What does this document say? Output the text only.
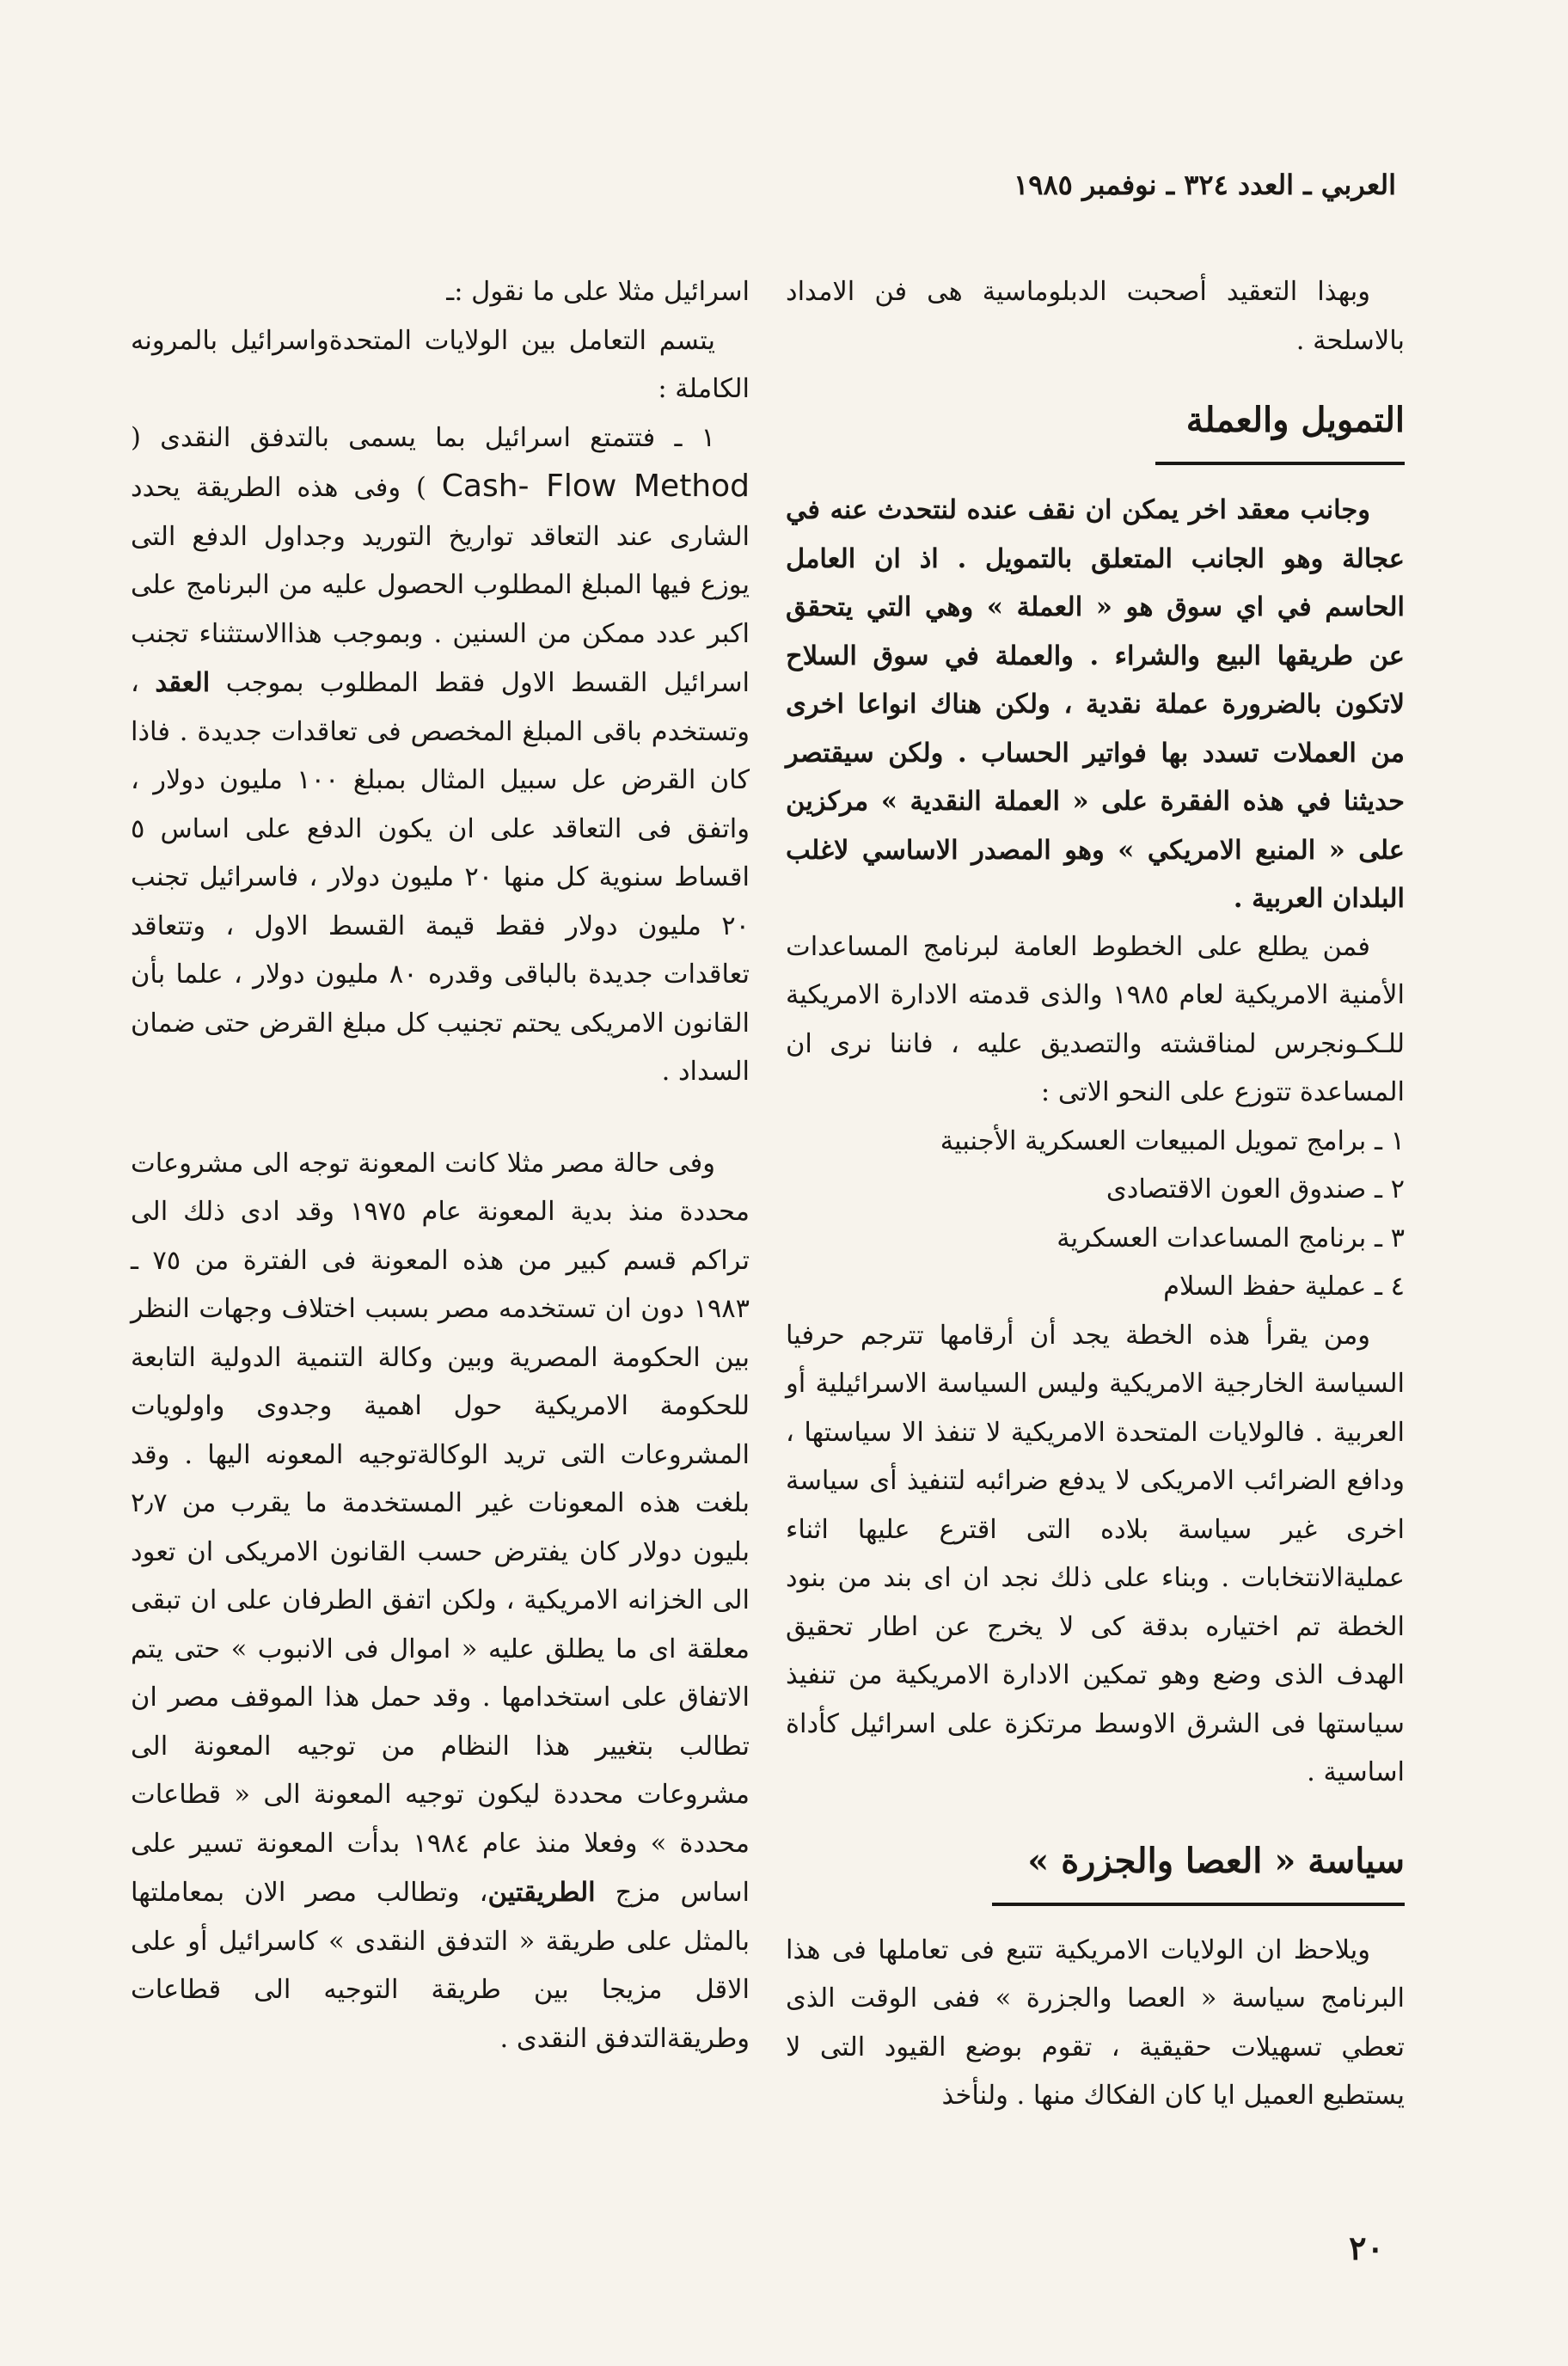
العربي ـ العدد ٣٢٤ ـ نوفمبر ١٩٨٥

وبهذا التعقيد أصحبت الدبلوماسية هى فن الامداد بالاسلحة .

التمويل والعملة

وجانب معقد اخر يمكن ان نقف عنده لنتحدث عنه في عجالة وهو الجانب المتعلق بالتمويل . اذ ان العامل الحاسم في اي سوق هو « العملة » وهي التي يتحقق عن طريقها البيع والشراء . والعملة في سوق السلاح لاتكون بالضرورة عملة نقدية ، ولكن هناك انواعا اخرى من العملات تسدد بها فواتير الحساب . ولكن سيقتصر حديثنا في هذه الفقرة على « العملة النقدية » مركزين على « المنبع الامريكي » وهو المصدر الاساسي لاغلب البلدان العربية .

فمن يطلع على الخطوط العامة لبرنامج المساعدات الأمنية الامريكية لعام ١٩٨٥ والذى قدمته الادارة الامريكية للـكـونجرس لمناقشته والتصديق عليه ، فاننا نرى ان المساعدة تتوزع على النحو الاتى :

١ ـ برامج تمويل المبيعات العسكرية الأجنبية

٢ ـ صندوق العون الاقتصادى

٣ ـ برنامج المساعدات العسكرية

٤ ـ عملية حفظ السلام

ومن يقرأ هذه الخطة يجد أن أرقامها تترجم حرفيا السياسة الخارجية الامريكية وليس السياسة الاسرائيلية أو العربية . فالولايات المتحدة الامريكية لا تنفذ الا سياستها ، ودافع الضرائب الامريكى لا يدفع ضرائبه لتنفيذ أى سياسة اخرى غير سياسة بلاده التى اقترع عليها اثناء عمليةالانتخابات . وبناء على ذلك نجد ان اى بند من بنود الخطة تم اختياره بدقة كى لا يخرج عن اطار تحقيق الهدف الذى وضع وهو تمكين الادارة الامريكية من تنفيذ سياستها فى الشرق الاوسط مرتكزة على اسرائيل كأداة اساسية .

سياسة « العصا والجزرة »

ويلاحظ ان الولايات الامريكية تتبع فى تعاملها فى هذا البرنامج سياسة « العصا والجزرة » ففى الوقت الذى تعطي تسهيلات حقيقية ، تقوم بوضع القيود التى لا يستطيع العميل ايا كان الفكاك منها . ولنأخذ

اسرائيل مثلا على ما نقول :ـ

يتسم التعامل بين الولايات المتحدةواسرائيل بالمرونه الكاملة :

١ ـ فتتمتع اسرائيل بما يسمى بالتدفق النقدى ( Cash- Flow Method ) وفى هذه الطريقة يحدد الشارى عند التعاقد تواريخ التوريد وجداول الدفع التى يوزع فيها المبلغ المطلوب الحصول عليه من البرنامج على اكبر عدد ممكن من السنين . وبموجب هذاالاستثناء تجنب اسرائيل القسط الاول فقط المطلوب بموجب العقد ، وتستخدم باقى المبلغ المخصص فى تعاقدات جديدة . فاذا كان القرض عل سبيل المثال بمبلغ ١٠٠ مليون دولار ، واتفق فى التعاقد على ان يكون الدفع على اساس ٥ اقساط سنوية كل منها ٢٠ مليون دولار ، فاسرائيل تجنب ٢٠ مليون دولار فقط قيمة القسط الاول ، وتتعاقد تعاقدات جديدة بالباقى وقدره ٨٠ مليون دولار ، علما بأن القانون الامريكى يحتم تجنيب كل مبلغ القرض حتى ضمان السداد .

وفى حالة مصر مثلا كانت المعونة توجه الى مشروعات محددة منذ بدية المعونة عام ١٩٧٥ وقد ادى ذلك الى تراكم قسم كبير من هذه المعونة فى الفترة من ٧٥ ـ ١٩٨٣ دون ان تستخدمه مصر بسبب اختلاف وجهات النظر بين الحكومة المصرية وبين وكالة التنمية الدولية التابعة للحكومة الامريكية حول اهمية وجدوى واولويات المشروعات التى تريد الوكالةتوجيه المعونه اليها . وقد بلغت هذه المعونات غير المستخدمة ما يقرب من ٢٫٧ بليون دولار كان يفترض حسب القانون الامريكى ان تعود الى الخزانه الامريكية ، ولكن اتفق الطرفان على ان تبقى معلقة اى ما يطلق عليه « اموال فى الانبوب » حتى يتم الاتفاق على استخدامها . وقد حمل هذا الموقف مصر ان تطالب بتغيير هذا النظام من توجيه المعونة الى مشروعات محددة ليكون توجيه المعونة الى « قطاعات محددة » وفعلا منذ عام ١٩٨٤ بدأت المعونة تسير على اساس مزج الطريقتين، وتطالب مصر الان بمعاملتها بالمثل على طريقة « التدفق النقدى » كاسرائيل أو على الاقل مزيجا بين طريقة التوجيه الى قطاعات وطريقةالتدفق النقدى .

٢٠
